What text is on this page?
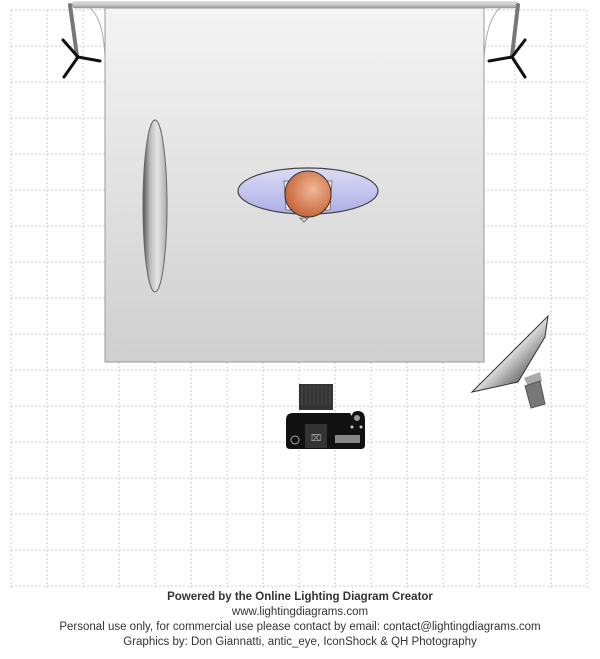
⌧
Powered by the Online Lighting Diagram Creator
www.lightingdiagrams.com
Personal use only, for commercial use please contact by email: contact@lightingdiagrams.com
Graphics by: Don Giannatti, antic_eye, IconShock & QH Photography
